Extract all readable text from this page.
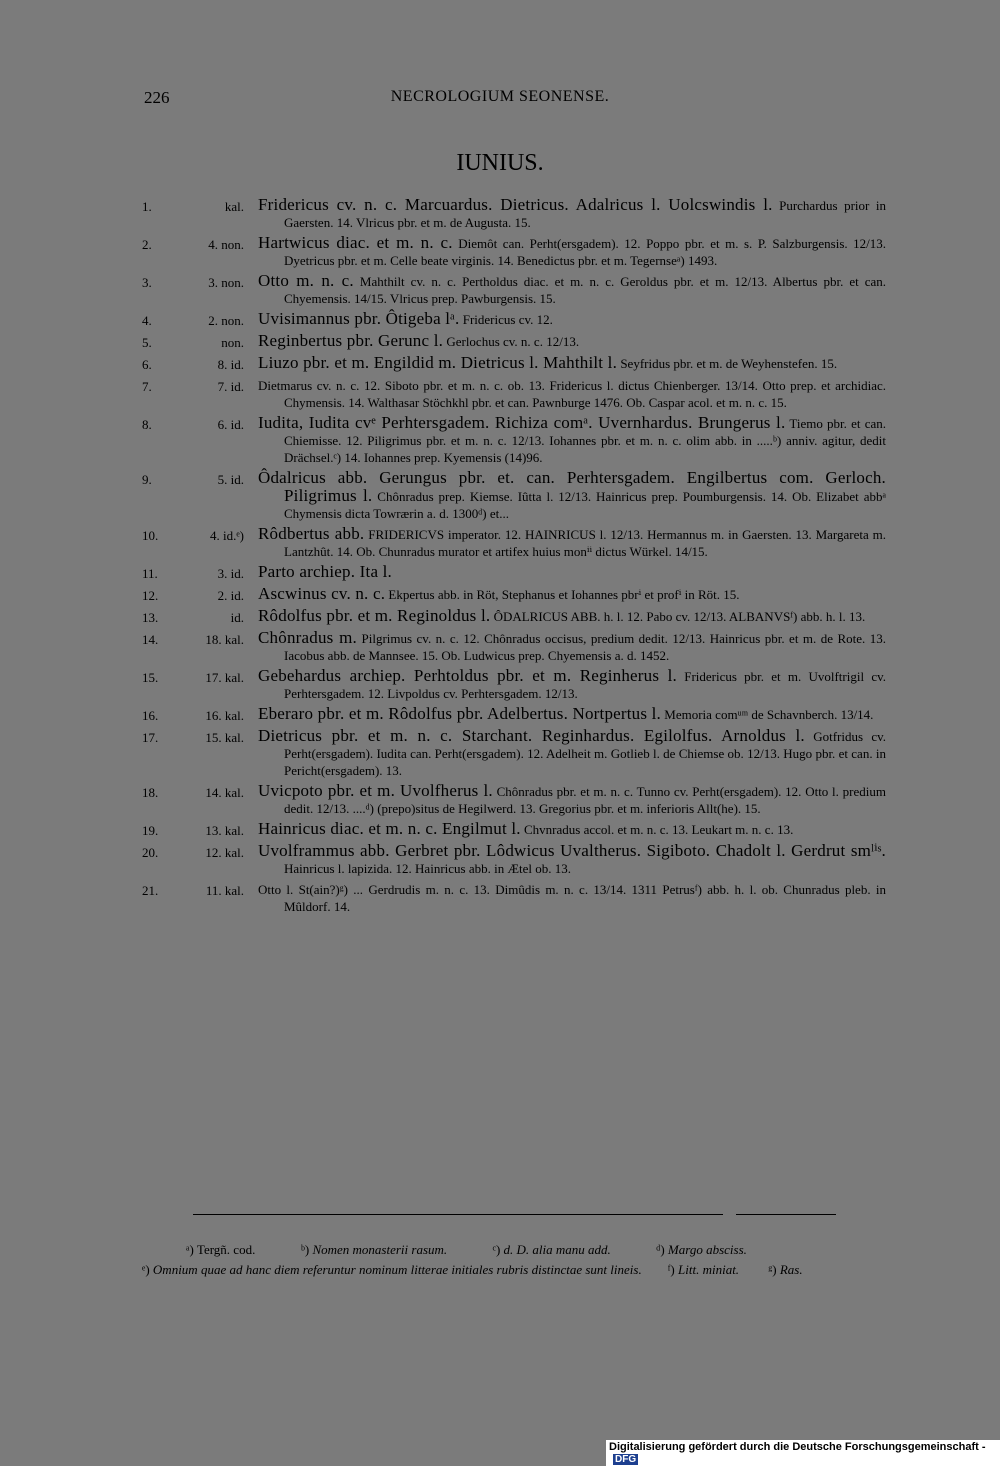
226	NECROLOGIUM SEONENSE.
IUNIUS.
1.	kal. Fridericus cv. n. c. Marcuardus. Dietricus. Adalricus l. Uolcswindis l. Purchardus prior in Gaersten. 14. Vlricus pbr. et m. de Augusta. 15.
2.	4. non. Hartwicus diac. et m. n. c. Diemôt can. Perht(ersgadem). 12. Poppo pbr. et m. s. P. Salzburgensis. 12/13. Dyetricus pbr. et m. Celle beate virginis. 14. Benedictus pbr. et m. Tegernseᵃ) 1493.
3.	3. non. Otto m. n. c. Mahthilt cv. n. c. Pertholdus diac. et m. n. c. Geroldus pbr. et m. 12/13. Albertus pbr. et can. Chyemensis. 14/15. Vlricus prep. Pawburgensis. 15.
4.	2. non. Uvisimannus pbr. Ôtigeba lᵃ. Fridericus cv. 12.
5.	non. Reginbertus pbr. Gerunc l. Gerlochus cv. n. c. 12/13.
6.	8. id. Liuzo pbr. et m. Engildid m. Dietricus l. Mahthilt l. Seyfridus pbr. et m. de Weyhenstefen. 15.
7.	7. id. Dietmarus cv. n. c. 12. Siboto pbr. et m. n. c. ob. 13. Fridericus l. dictus Chienberger. 13/14. Otto prep. et archidiac. Chymensis. 14. Walthasar Stöchkhl pbr. et can. Pawnburge 1476. Ob. Caspar acol. et m. n. c. 15.
8.	6. id. Iudita, Iudita cvᵉ Perhtersgadem. Richiza comᵃ. Uvernhardus. Brungerus l. Tiemo pbr. et can. Chiemisse. 12. Piligrimus pbr. et m. n. c. 12/13. Iohannes pbr. et m. n. c. olim abb. in .....ᵇ) anniv. agitur, dedit Drächsel.ᶜ) 14. Iohannes prep. Kyemensis (14)96.
9.	5. id. Ôdalricus abb. Gerungus pbr. et. can. Perhtersgadem. Engilbertus com. Gerloch. Piligrimus l. Chônradus prep. Kiemse. Iûtta l. 12/13. Hainricus prep. Poumburgensis. 14. Ob. Elizabet abbᵃ Chymensis dicta Towrærin a. d. 1300ᵈ) et...
10.	4. id.ᵉ) Rôdbertus abb. FRIDERICVS imperator. 12. HAINRICUS l. 12/13. Hermannus m. in Gaersten. 13. Margareta m. Lantzhût. 14. Ob. Chunradus murator et artifex huius monⁱⁱ dictus Würkel. 14/15.
11.	3. id. Parto archiep. Ita l.
12.	2. id. Ascwinus cv. n. c. Ekpertus abb. in Röt, Stephanus et Iohannes pbrⁱ et profⁱ in Röt. 15.
13.	id. Rôdolfus pbr. et m. Reginoldus l. ÔDALRICUS ABB. h. l. 12. Pabo cv. 12/13. ALBANVSᶠ) abb. h. l. 13.
14.	18. kal. Chônradus m. Pilgrimus cv. n. c. 12. Chônradus occisus, predium dedit. 12/13. Hainricus pbr. et m. de Rote. 13. Iacobus abb. de Mannsee. 15. Ob. Ludwicus prep. Chyemensis a. d. 1452.
15.	17. kal. Gebehardus archiep. Perhtoldus pbr. et m. Reginherus l. Fridericus pbr. et m. Uvolftrigil cv. Perhtersgadem. 12. Livpoldus cv. Perhtersgadem. 12/13.
16.	16. kal. Eberaro pbr. et m. Rôdolfus pbr. Adelbertus. Nortpertus l. Memoria comᵘᵐ de Schavnberch. 13/14.
17.	15. kal. Dietricus pbr. et m. n. c. Starchant. Reginhardus. Egilolfus. Arnoldus l. Gotfridus cv. Perht(ersgadem). Iudita can. Perht(ersgadem). 12. Adelheit m. Gotlieb l. de Chiemse ob. 12/13. Hugo pbr. et can. in Pericht(ersgadem). 13.
18.	14. kal. Uvicpoto pbr. et m. Uvolfherus l. Chônradus pbr. et m. n. c. Tunno cv. Perht(ersgadem). 12. Otto l. predium dedit. 12/13. ....ᵈ) (prepo)situs de Hegilwerd. 13. Gregorius pbr. et m. inferioris Allt(he). 15.
19.	13. kal. Hainricus diac. et m. n. c. Engilmut l. Chvnradus accol. et m. n. c. 13. Leukart m. n. c. 13.
20.	12. kal. Uvolframmus abb. Gerbret pbr. Lôdwicus Uvaltherus. Sigiboto. Chadolt l. Gerdrut smˡⁱˢ. Hainricus l. lapizida. 12. Hainricus abb. in Ætel ob. 13.
21.	11. kal. Otto l. St(ain?)ᵍ) ... Gerdrudis m. n. c. 13. Dimûdis m. n. c. 13/14. 1311 Petrusᶠ) abb. h. l. ob. Chunradus pleb. in Mûldorf. 14.
ᵃ) Tergñ. cod.	ᵇ) Nomen monasterii rasum.	ᶜ) d. D. alia manu add.	ᵈ) Margo absciss.
ᵉ) Omnium quae ad hanc diem referuntur nominum litterae initiales rubris distinctae sunt lineis. ᶠ) Litt. miniat. ᵍ) Ras.
Digitalisierung gefördert durch die Deutsche Forschungsgemeinschaft -DFG
